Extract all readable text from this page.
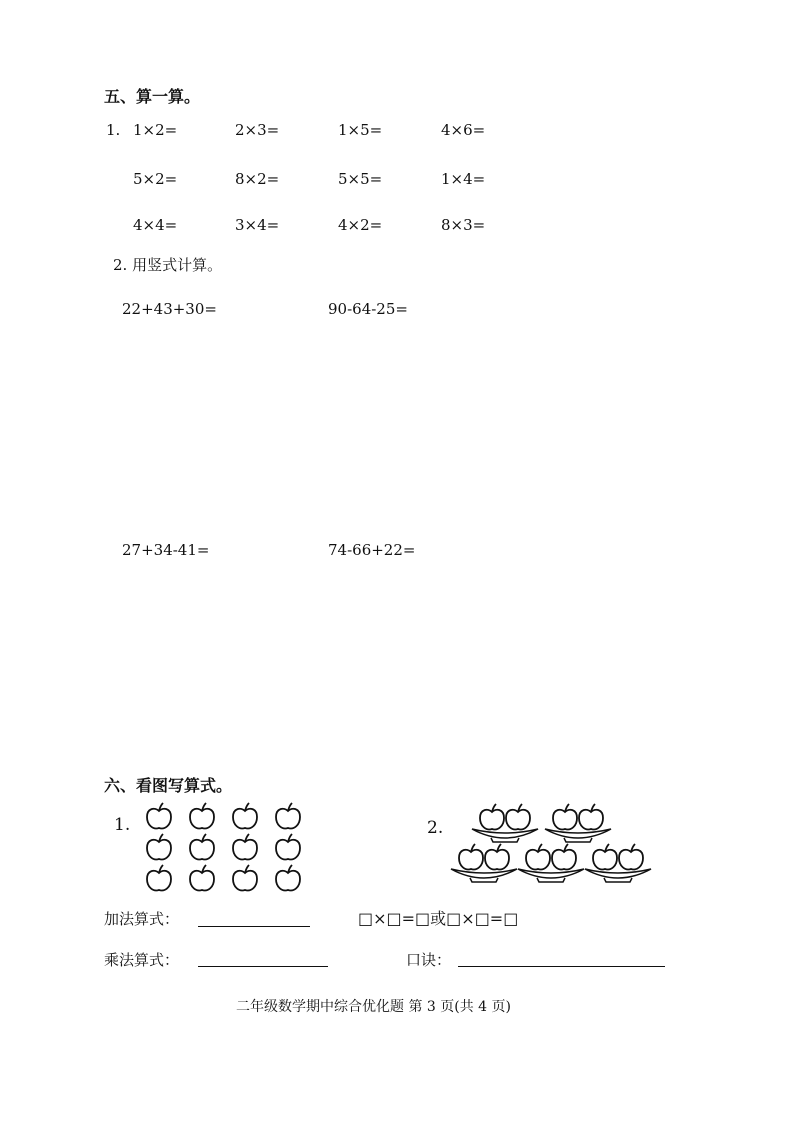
五、算一算。
1. 1×2=	2×3=	1×5=	4×6=
5×2=	8×2=	5×5=	1×4=
4×4=	3×4=	4×2=	8×3=
2. 用竖式计算。
22+43+30=	90-64-25=
27+34-41=	74-66+22=
六、看图写算式。
1.	2.
加法算式：	□×□=□或□×□=□
乘法算式：	口诀：
二年级数学期中综合优化题 第 3 页(共 4 页)
